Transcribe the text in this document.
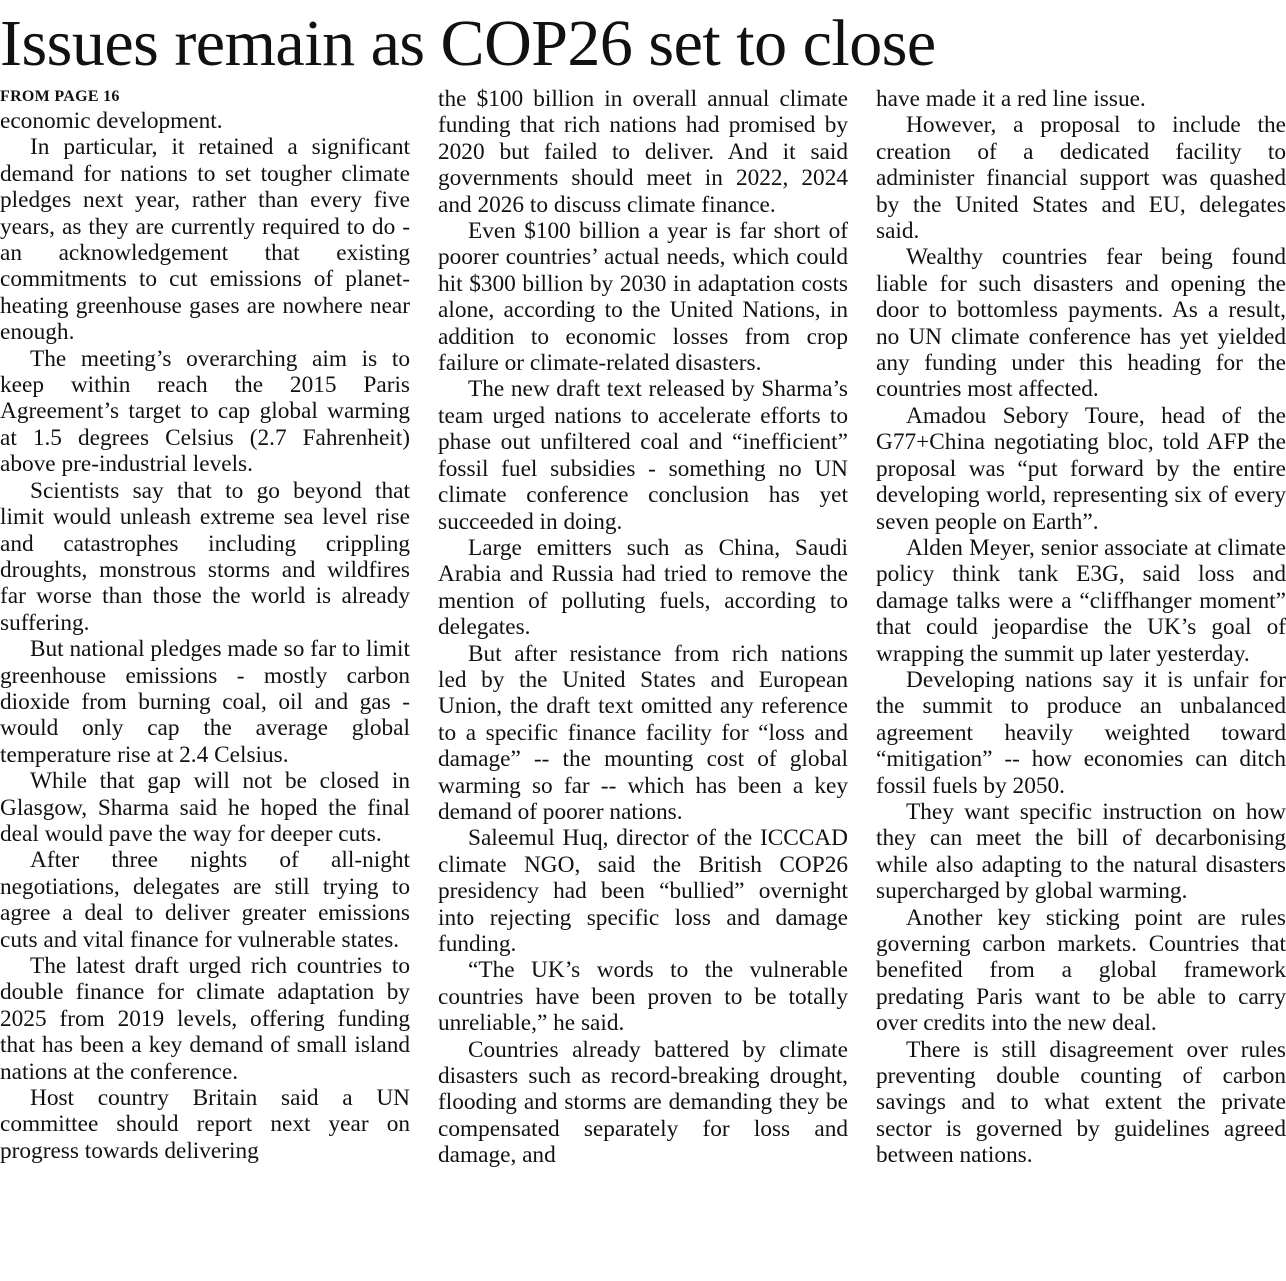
Issues remain as COP26 set to close
FROM PAGE 16

economic development.

In particular, it retained a significant demand for nations to set tougher climate pledges next year, rather than every five years, as they are currently required to do - an acknowledgement that existing commitments to cut emissions of planet-heating greenhouse gases are nowhere near enough.

The meeting’s overarching aim is to keep within reach the 2015 Paris Agreement’s target to cap global warming at 1.5 degrees Celsius (2.7 Fahrenheit) above pre-industrial levels.

Scientists say that to go beyond that limit would unleash extreme sea level rise and catastrophes including crippling droughts, monstrous storms and wildfires far worse than those the world is already suffering.

But national pledges made so far to limit greenhouse emissions - mostly carbon dioxide from burning coal, oil and gas - would only cap the average global temperature rise at 2.4 Celsius.

While that gap will not be closed in Glasgow, Sharma said he hoped the final deal would pave the way for deeper cuts.

After three nights of all-night negotiations, delegates are still trying to agree a deal to deliver greater emissions cuts and vital finance for vulnerable states.

The latest draft urged rich countries to double finance for climate adaptation by 2025 from 2019 levels, offering funding that has been a key demand of small island nations at the conference.

Host country Britain said a UN committee should report next year on progress towards delivering

the $100 billion in overall annual climate funding that rich nations had promised by 2020 but failed to deliver. And it said governments should meet in 2022, 2024 and 2026 to discuss climate finance.

Even $100 billion a year is far short of poorer countries’ actual needs, which could hit $300 billion by 2030 in adaptation costs alone, according to the United Nations, in addition to economic losses from crop failure or climate-related disasters.

The new draft text released by Sharma’s team urged nations to accelerate efforts to phase out unfiltered coal and “inefficient” fossil fuel subsidies - something no UN climate conference conclusion has yet succeeded in doing.

Large emitters such as China, Saudi Arabia and Russia had tried to remove the mention of polluting fuels, according to delegates.

But after resistance from rich nations led by the United States and European Union, the draft text omitted any reference to a specific finance facility for “loss and damage” -- the mounting cost of global warming so far -- which has been a key demand of poorer nations.

Saleemul Huq, director of the ICCCAD climate NGO, said the British COP26 presidency had been “bullied” overnight into rejecting specific loss and damage funding.

“The UK’s words to the vulnerable countries have been proven to be totally unreliable,” he said.

Countries already battered by climate disasters such as record-breaking drought, flooding and storms are demanding they be compensated separately for loss and damage, and

have made it a red line issue.

However, a proposal to include the creation of a dedicated facility to administer financial support was quashed by the United States and EU, delegates said.

Wealthy countries fear being found liable for such disasters and opening the door to bottomless payments. As a result, no UN climate conference has yet yielded any funding under this heading for the countries most affected.

Amadou Sebory Toure, head of the G77+China negotiating bloc, told AFP the proposal was “put forward by the entire developing world, representing six of every seven people on Earth”.

Alden Meyer, senior associate at climate policy think tank E3G, said loss and damage talks were a “cliffhanger moment” that could jeopardise the UK’s goal of wrapping the summit up later yesterday.

Developing nations say it is unfair for the summit to produce an unbalanced agreement heavily weighted toward “mitigation” -- how economies can ditch fossil fuels by 2050.

They want specific instruction on how they can meet the bill of decarbonising while also adapting to the natural disasters supercharged by global warming.

Another key sticking point are rules governing carbon markets. Countries that benefited from a global framework predating Paris want to be able to carry over credits into the new deal.

There is still disagreement over rules preventing double counting of carbon savings and to what extent the private sector is governed by guidelines agreed between nations.
